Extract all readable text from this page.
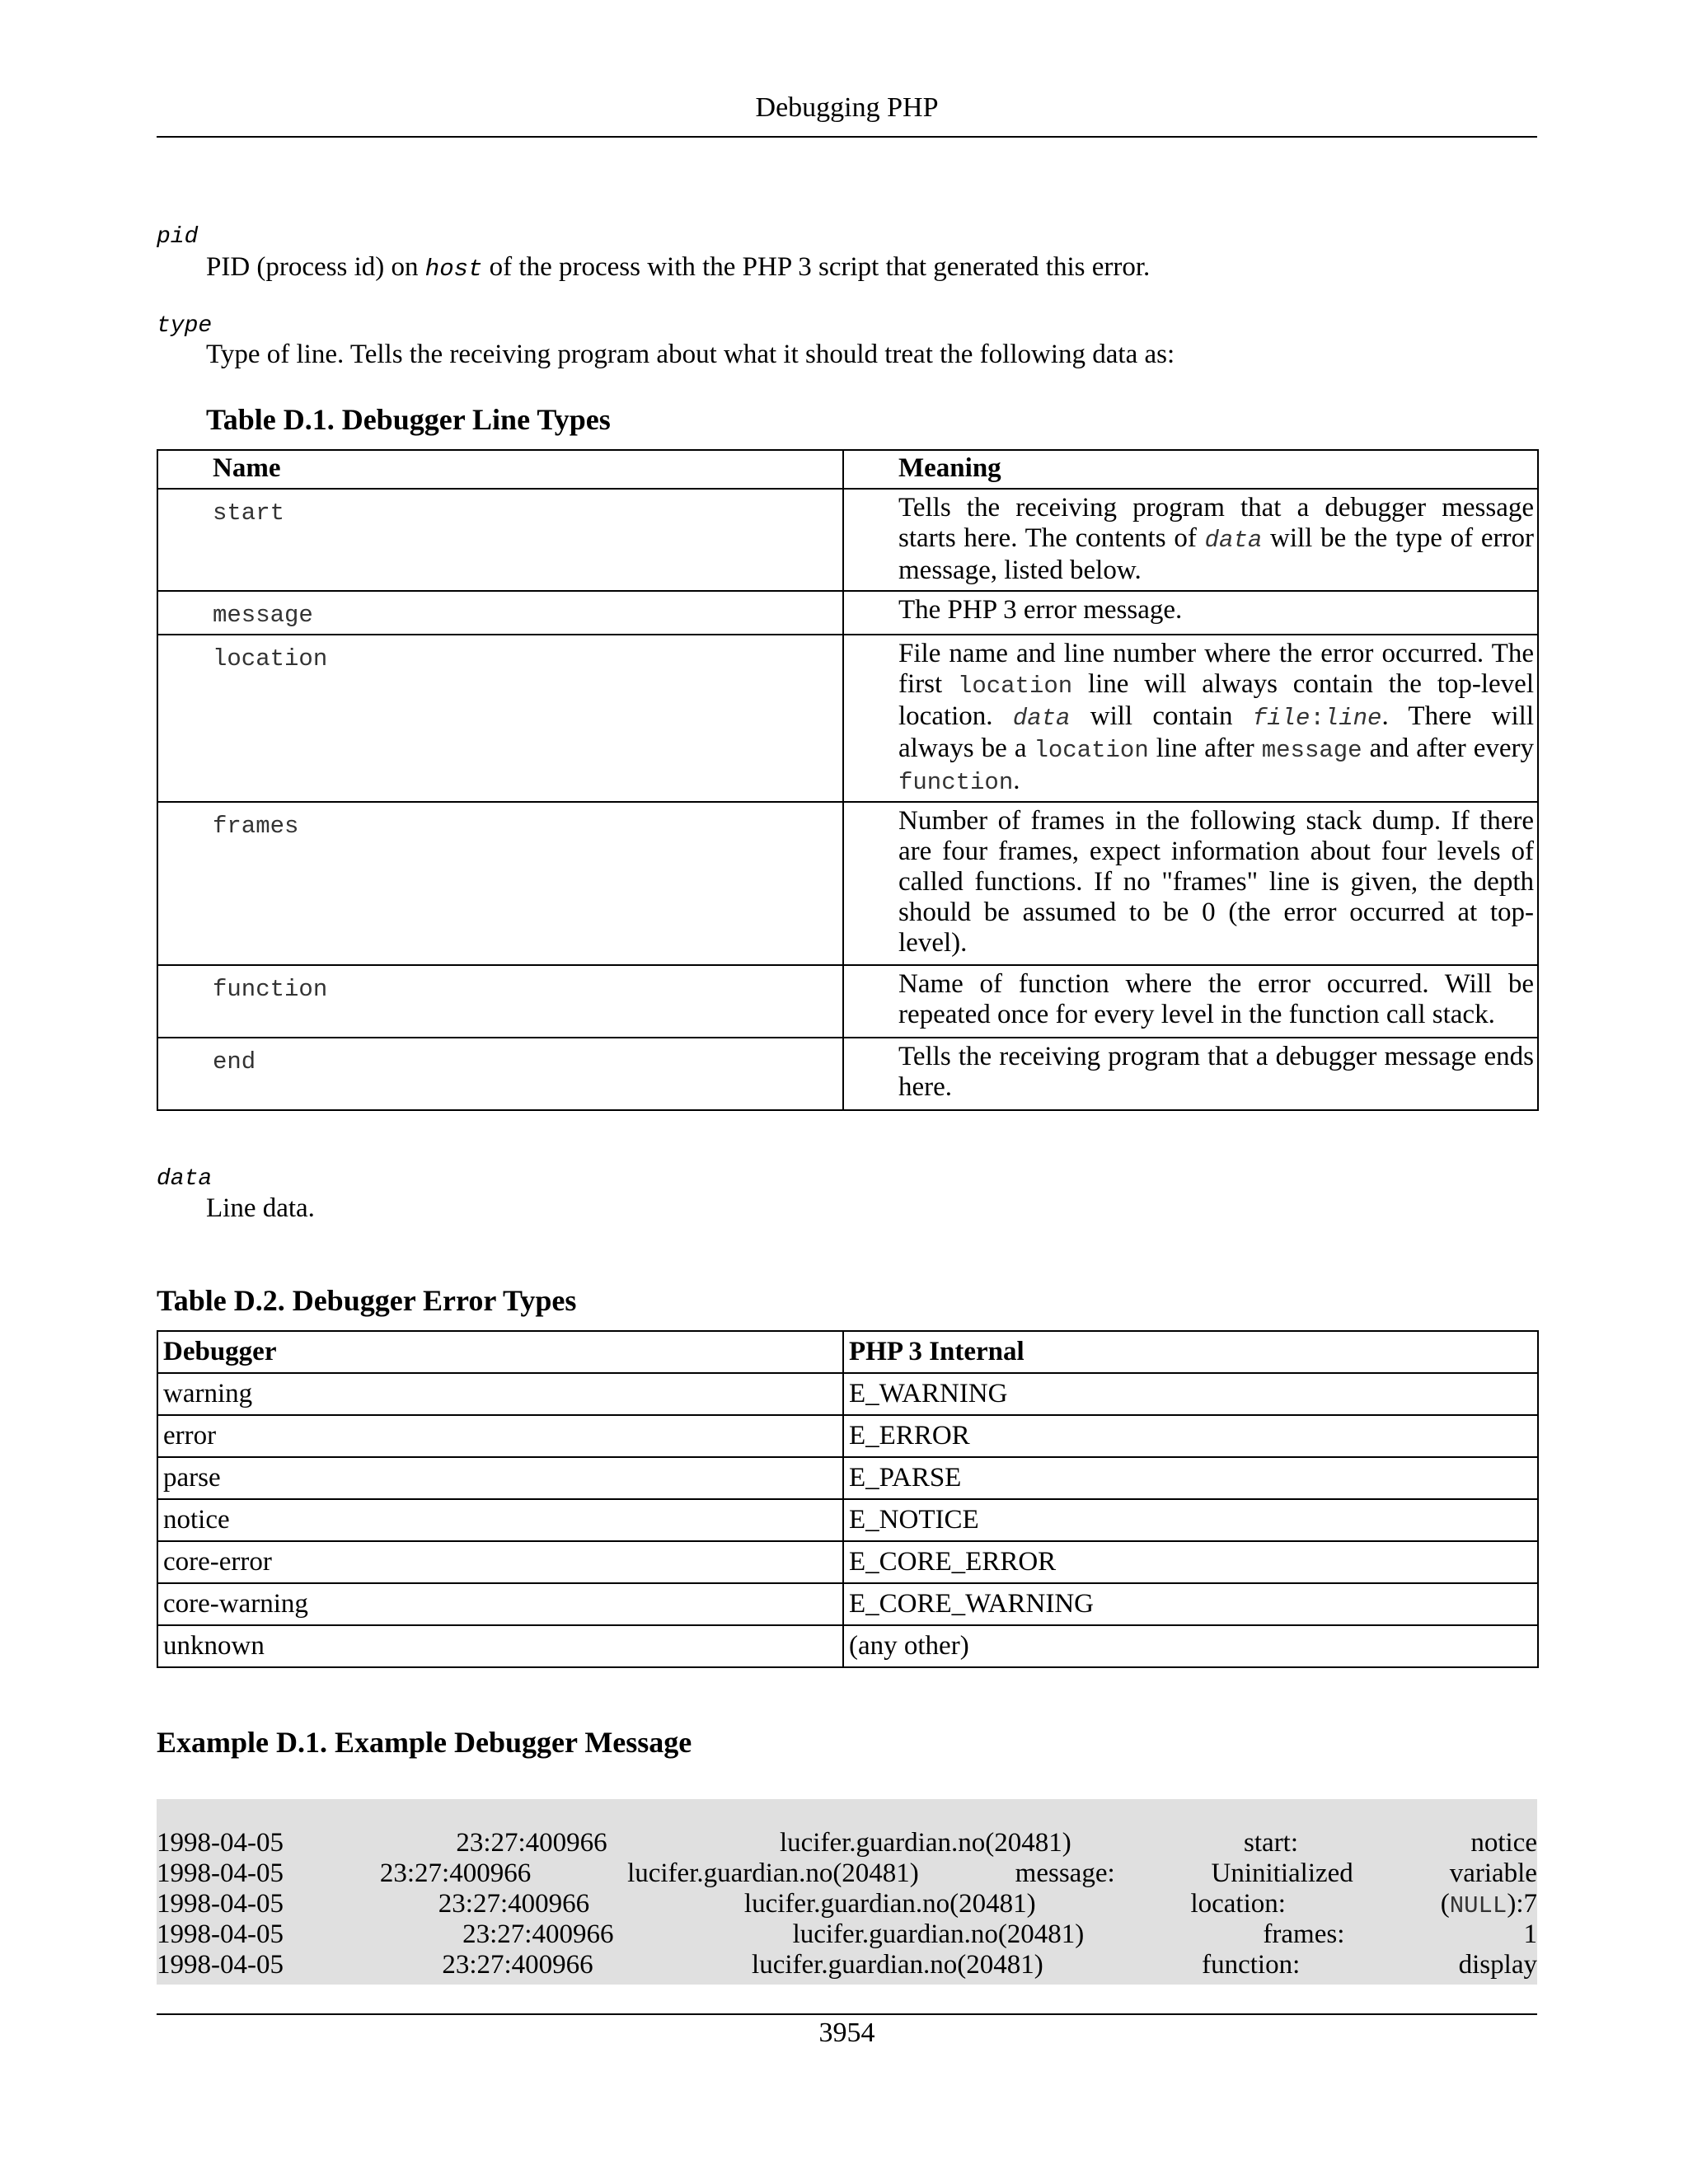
Debugging PHP
pid
PID (process id) on host of the process with the PHP 3 script that generated this error.
type
Type of line. Tells the receiving program about what it should treat the following data as:
Table D.1. Debugger Line Types
Name	Meaning
start	Tells the receiving program that a debugger message starts here. The contents of data will be the type of error message, listed below.
message	The PHP 3 error message.
location	File name and line number where the error occurred. The first location line will always contain the top-level location. data will contain file:line. There will always be a location line after message and after every function.
frames	Number of frames in the following stack dump. If there are four frames, expect information about four levels of called functions. If no "frames" line is given, the depth should be assumed to be 0 (the error occurred at top-level).
function	Name of function where the error occurred. Will be repeated once for every level in the function call stack.
end	Tells the receiving program that a debugger message ends here.
data
Line data.
Table D.2. Debugger Error Types
Debugger	PHP 3 Internal
warning	E_WARNING
error	E_ERROR
parse	E_PARSE
notice	E_NOTICE
core-error	E_CORE_ERROR
core-warning	E_CORE_WARNING
unknown	(any other)
Example D.1. Example Debugger Message
1998-04-05	23:27:400966	lucifer.guardian.no(20481)	start:	notice
1998-04-05	23:27:400966	lucifer.guardian.no(20481)	message:	Uninitialized	variable
1998-04-05	23:27:400966	lucifer.guardian.no(20481)	location:	(NULL):7
1998-04-05	23:27:400966	lucifer.guardian.no(20481)	frames:	1
1998-04-05	23:27:400966	lucifer.guardian.no(20481)	function:	display
3954
